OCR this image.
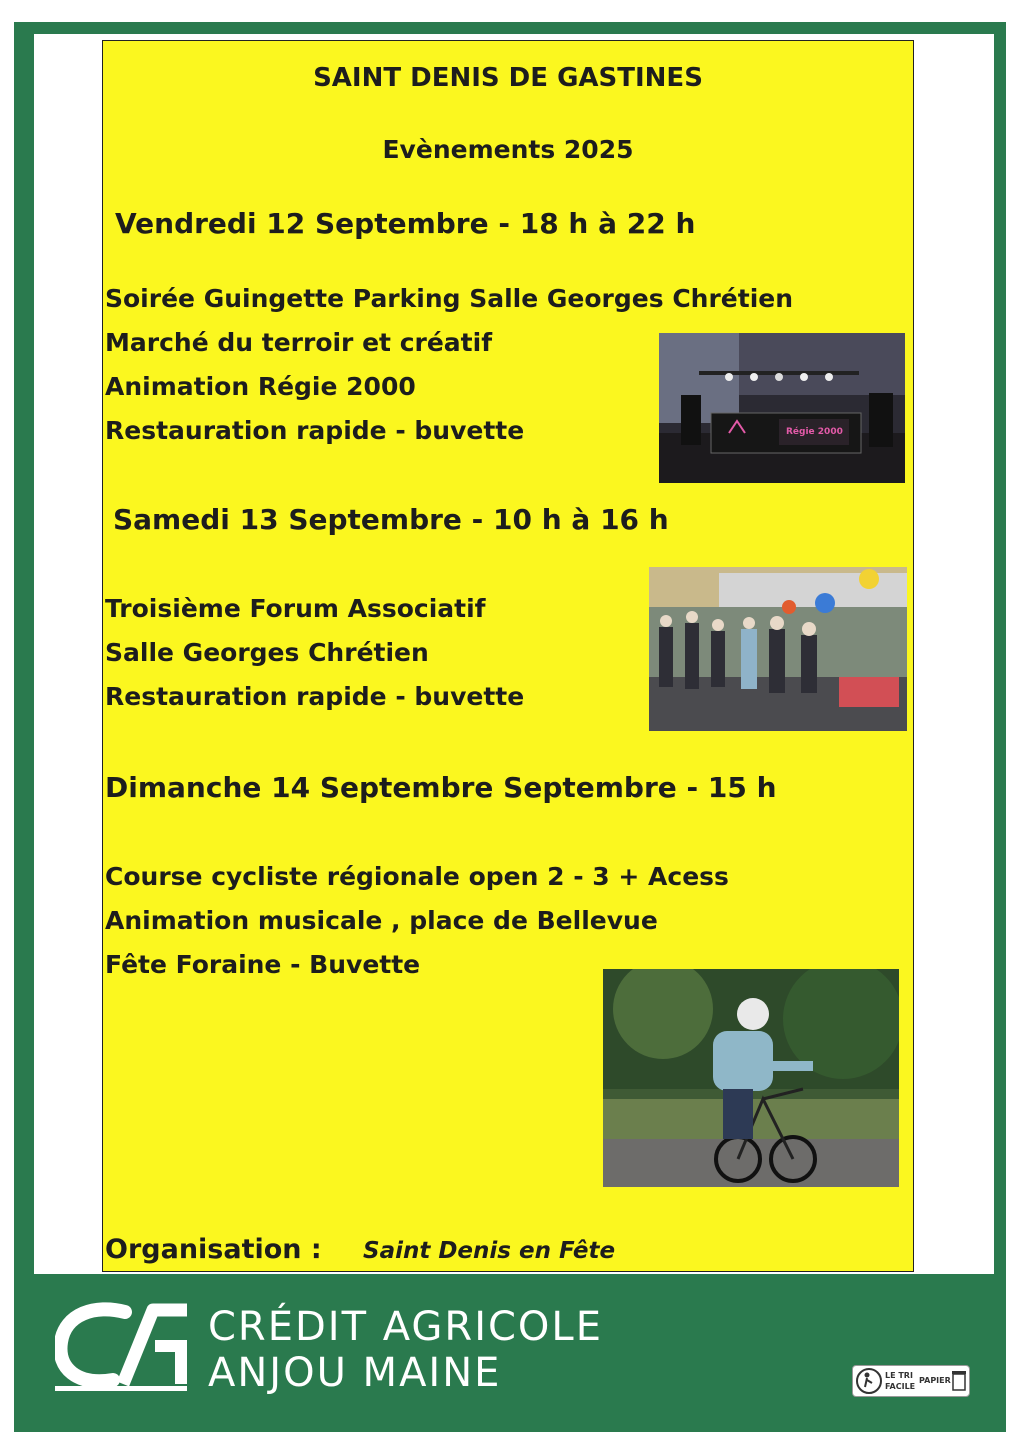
SAINT DENIS DE GASTINES
Evènements 2025
Vendredi 12 Septembre - 18 h à 22 h
Soirée Guingette Parking Salle Georges Chrétien
Marché du terroir et créatif
Animation Régie 2000
Restauration rapide - buvette	Régie 2000
Samedi 13 Septembre - 10 h à 16 h
Troisième Forum Associatif
Salle Georges Chrétien
Restauration rapide - buvette
Dimanche 14 Septembre Septembre - 15 h
Course cycliste régionale open 2 - 3 + Acess
Animation musicale , place de Bellevue
Fête Foraine - Buvette
Organisation : Saint Denis en Fête
CRÉDIT AGRICOLE
ANJOU MAINE	LE TRI
FACILE
PAPIER
